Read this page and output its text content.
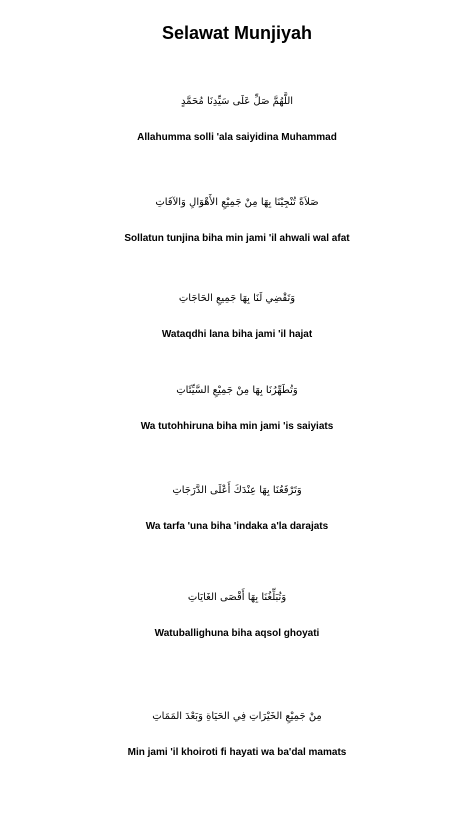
Selawat Munjiyah
اللَّهُمَّ صَلِّ عَلَى سَيِّدِنَا مُحَمَّدٍ
Allahumma solli 'ala saiyidina Muhammad
صَلاَةً تُنْجِيْنَا بِهَا مِنْ جَمِيْعِ الأَهْوَالِ وَالآفَاتِ
Sollatun tunjina biha min jami 'il ahwali wal afat
وَتَقْضِي لَنَا بِهَا جَمِيعِ الحَاجَاتِ
Wataqdhi lana biha jami 'il hajat
وَتُطَهِّرُنَا بِهَا مِنْ جَمِيْعِ السَّيِّئَاتِ
Wa tutohhiruna biha min jami 'is saiyiats
وَتَرْفَعُنَا بِهَا عِنْدَكَ أَعْلَى الدَّرَجَاتِ
Wa tarfa 'una biha 'indaka a'la darajats
وَتُبَلِّغُنَا بِهَا أَقْصَى الغَايَاتِ
Watuballighuna biha aqsol ghoyati
مِنْ جَمِيْعِ الخَيْرَاتِ فِي الحَيَاةِ وَبَعْدَ المَمَاتِ
Min jami 'il khoiroti fi hayati wa ba'dal mamats
